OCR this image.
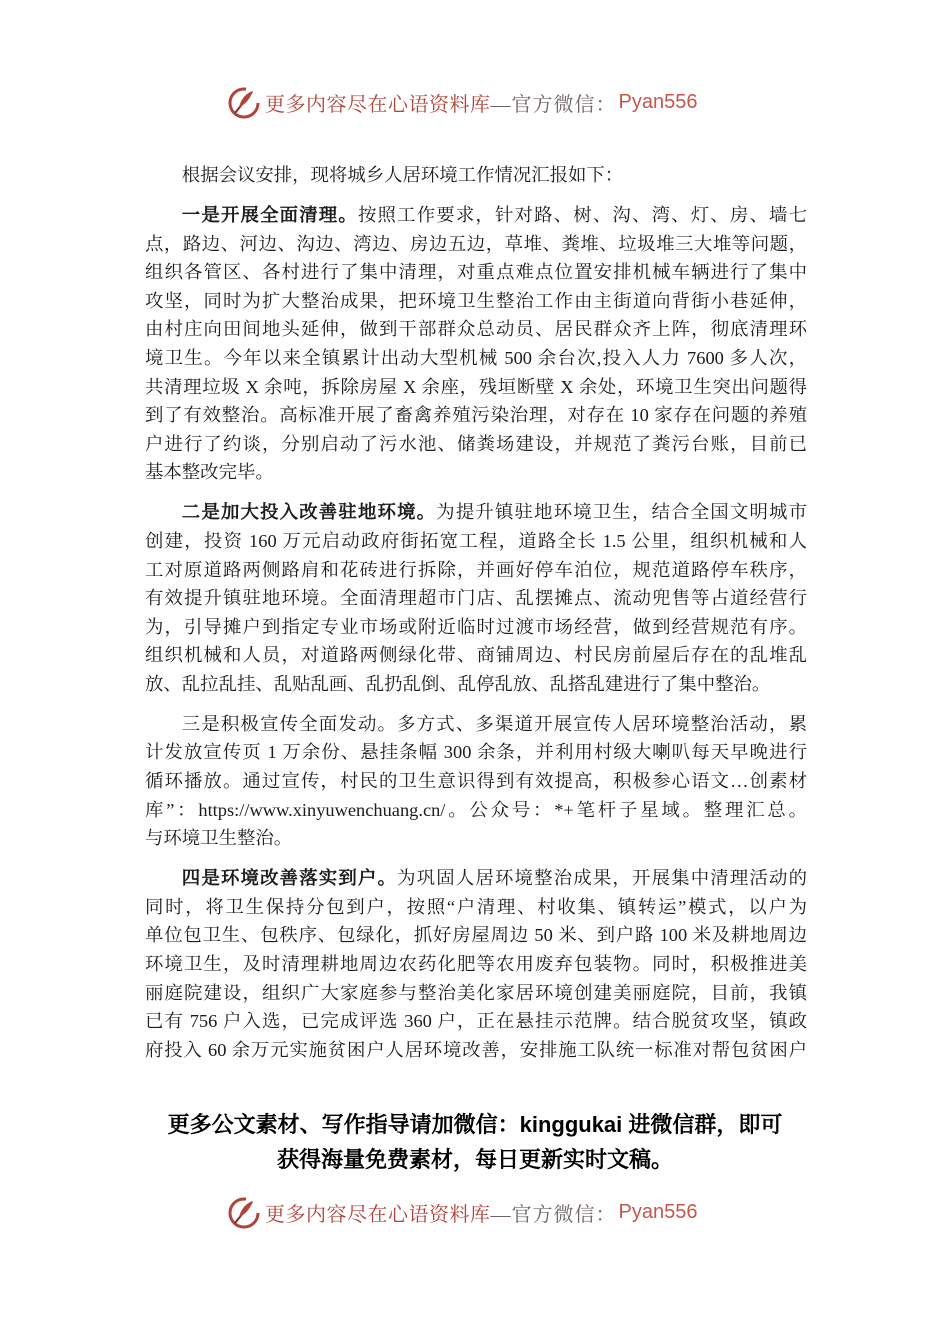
更多内容尽在心语资料库 —官方微信： Pyan556
根据会议安排，现将城乡人居环境工作情况汇报如下：
一是开展全面清理。按照工作要求，针对路、树、沟、湾、灯、房、墙七
点，路边、河边、沟边、湾边、房边五边，草堆、粪堆、垃圾堆三大堆等问题，
组织各管区、各村进行了集中清理，对重点难点位置安排机械车辆进行了集中
攻坚，同时为扩大整治成果，把环境卫生整治工作由主街道向背街小巷延伸，
由村庄向田间地头延伸，做到干部群众总动员、居民群众齐上阵，彻底清理环
境卫生。今年以来全镇累计出动大型机械 500 余台次,投入人力 7600 多人次，
共清理垃圾 X 余吨，拆除房屋 X 余座，残垣断壁 X 余处，环境卫生突出问题得
到了有效整治。高标准开展了畜禽养殖污染治理，对存在 10 家存在问题的养殖
户进行了约谈，分别启动了污水池、储粪场建设，并规范了粪污台账，目前已
基本整改完毕。
二是加大投入改善驻地环境。为提升镇驻地环境卫生，结合全国文明城市
创建，投资 160 万元启动政府街拓宽工程，道路全长 1.5 公里，组织机械和人
工对原道路两侧路肩和花砖进行拆除，并画好停车泊位，规范道路停车秩序，
有效提升镇驻地环境。全面清理超市门店、乱摆摊点、流动兜售等占道经营行
为，引导摊户到指定专业市场或附近临时过渡市场经营，做到经营规范有序。
组织机械和人员，对道路两侧绿化带、商铺周边、村民房前屋后存在的乱堆乱
放、乱拉乱挂、乱贴乱画、乱扔乱倒、乱停乱放、乱搭乱建进行了集中整治。
三是积极宣传全面发动。多方式、多渠道开展宣传人居环境整治活动，累
计发放宣传页 1 万余份、悬挂条幅 300 余条，并利用村级大喇叭每天早晚进行
循环播放。通过宣传，村民的卫生意识得到有效提高，积极参心语文…创素材
库”：https://www.xinyuwenchuang.cn/。公众号：*+笔杆子星域。整理汇总。
与环境卫生整治。
四是环境改善落实到户。为巩固人居环境整治成果，开展集中清理活动的
同时，将卫生保持分包到户，按照“户清理、村收集、镇转运”模式，以户为
单位包卫生、包秩序、包绿化，抓好房屋周边 50 米、到户路 100 米及耕地周边
环境卫生，及时清理耕地周边农药化肥等农用废弃包装物。同时，积极推进美
丽庭院建设，组织广大家庭参与整治美化家居环境创建美丽庭院，目前，我镇
已有 756 户入选，已完成评选 360 户，正在悬挂示范牌。结合脱贫攻坚，镇政
府投入 60 余万元实施贫困户人居环境改善，安排施工队统一标准对帮包贫困户
更多公文素材、写作指导请加微信：kinggukai 进微信群，即可
获得海量免费素材，每日更新实时文稿。
更多内容尽在心语资料库 —官方微信： Pyan556
